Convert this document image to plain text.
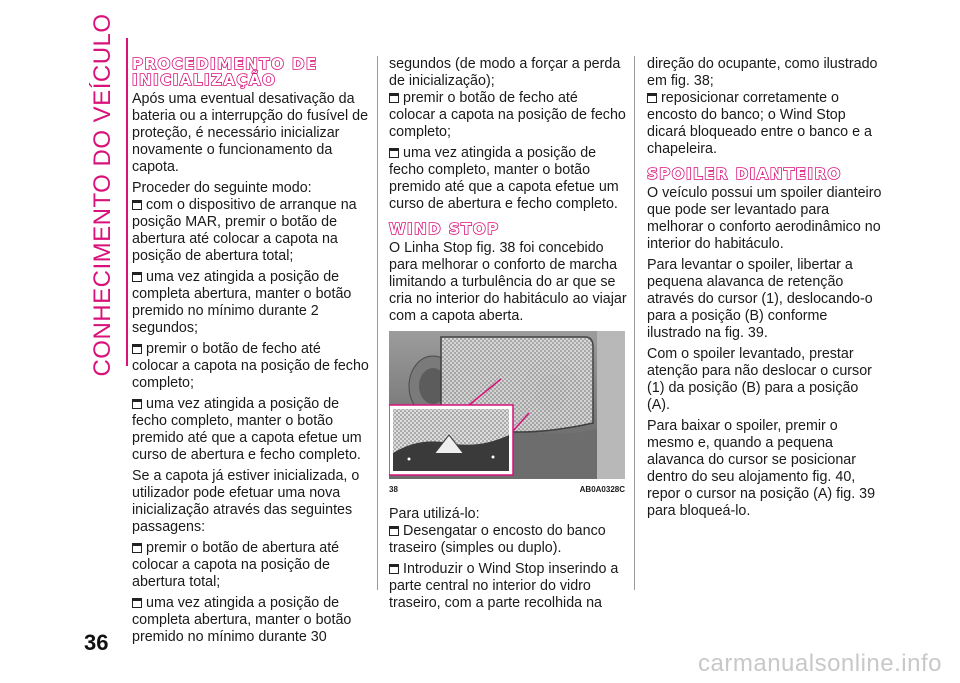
CONHECIMENTO DO VEÍCULO PROCEDIMENTO DE INICIALIZAÇÃO

Após uma eventual desativação da bateria ou a interrupção do fusível de proteção, é necessário inicializar novamente o funcionamento da capota.

Proceder do seguinte modo:

com o dispositivo de arranque na posição MAR, premir o botão de abertura até colocar a capota na posição de abertura total;

uma vez atingida a posição de completa abertura, manter o botão premido no mínimo durante 2 segundos;

premir o botão de fecho até colocar a capota na posição de fecho completo;

uma vez atingida a posição de fecho completo, manter o botão premido até que a capota efetue um curso de abertura e fecho completo.

Se a capota já estiver inicializada, o utilizador pode efetuar uma nova inicialização através das seguintes passagens:

premir o botão de abertura até colocar a capota na posição de abertura total;

uma vez atingida a posição de completa abertura, manter o botão premido no mínimo durante 30

segundos (de modo a forçar a perda de inicialização);

premir o botão de fecho até colocar a capota na posição de fecho completo;

uma vez atingida a posição de fecho completo, manter o botão premido até que a capota efetue um curso de abertura e fecho completo.

WIND STOP

O Linha Stop fig. 38 foi concebido para melhorar o conforto de marcha limitando a turbulência do ar que se cria no interior do habitáculo ao viajar com a capota aberta.

38	AB0A0328C

Para utilizá-lo:

Desengatar o encosto do banco traseiro (simples ou duplo).

Introduzir o Wind Stop inserindo a parte central no interior do vidro traseiro, com a parte recolhida na

direção do ocupante, como ilustrado em fig. 38;

reposicionar corretamente o encosto do banco; o Wind Stop dicará bloqueado entre o banco e a chapeleira.

SPOILER DIANTEIRO

O veículo possui um spoiler dianteiro que pode ser levantado para melhorar o conforto aerodinâmico no interior do habitáculo.

Para levantar o spoiler, libertar a pequena alavanca de retenção através do cursor (1), deslocando-o para a posição (B) conforme ilustrado na fig. 39.

Com o spoiler levantado, prestar atenção para não deslocar o cursor (1) da posição (B) para a posição (A).

Para baixar o spoiler, premir o mesmo e, quando a pequena alavanca do cursor se posicionar dentro do seu alojamento fig. 40, repor o cursor na posição (A) fig. 39 para bloqueá-lo.

36
carmanualsonline.info
